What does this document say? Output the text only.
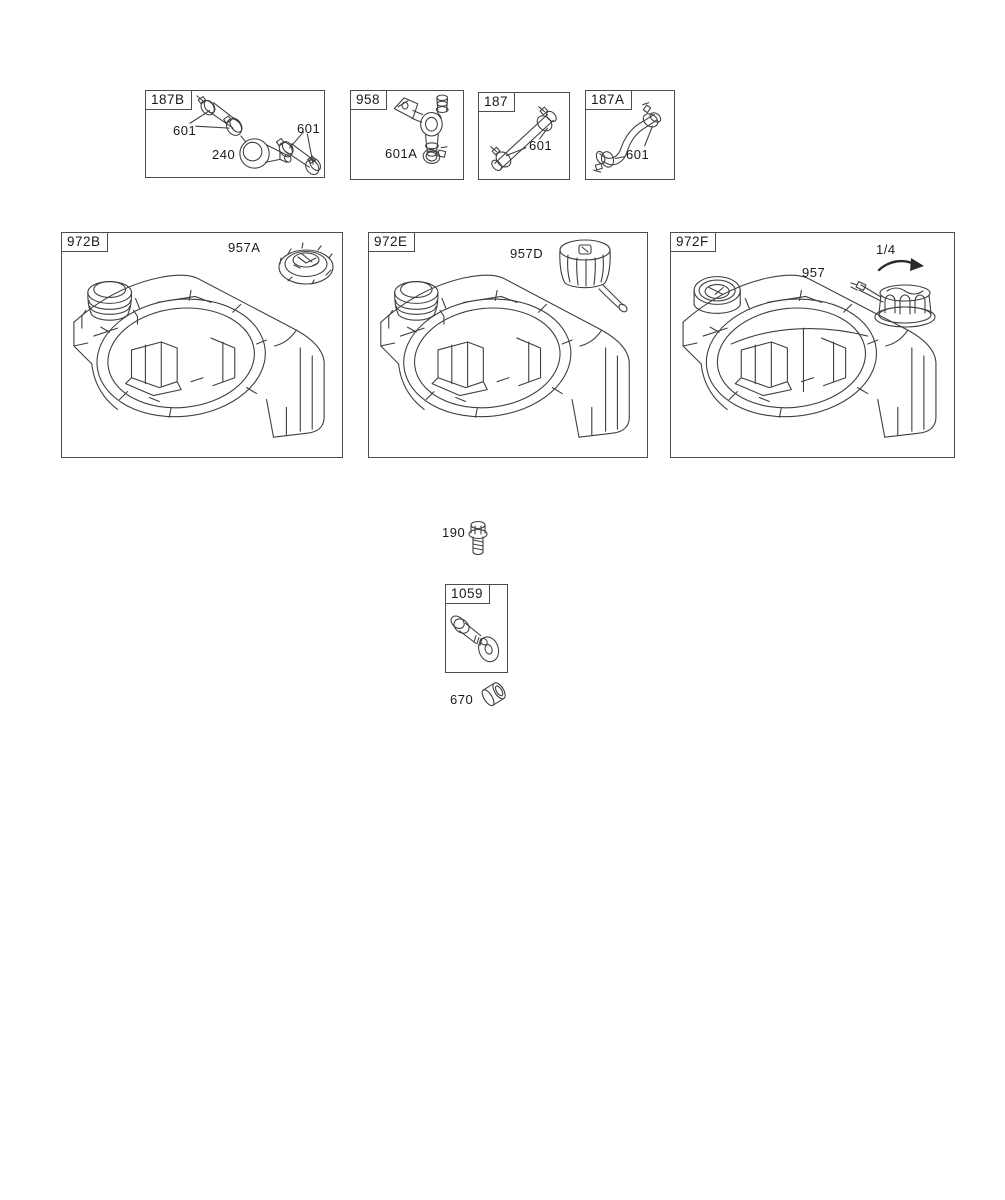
187B
601
240
601
958
601A
187
601
187A
601
972B	957A	972E
957D
972F
1/4
957
190
1059
670
